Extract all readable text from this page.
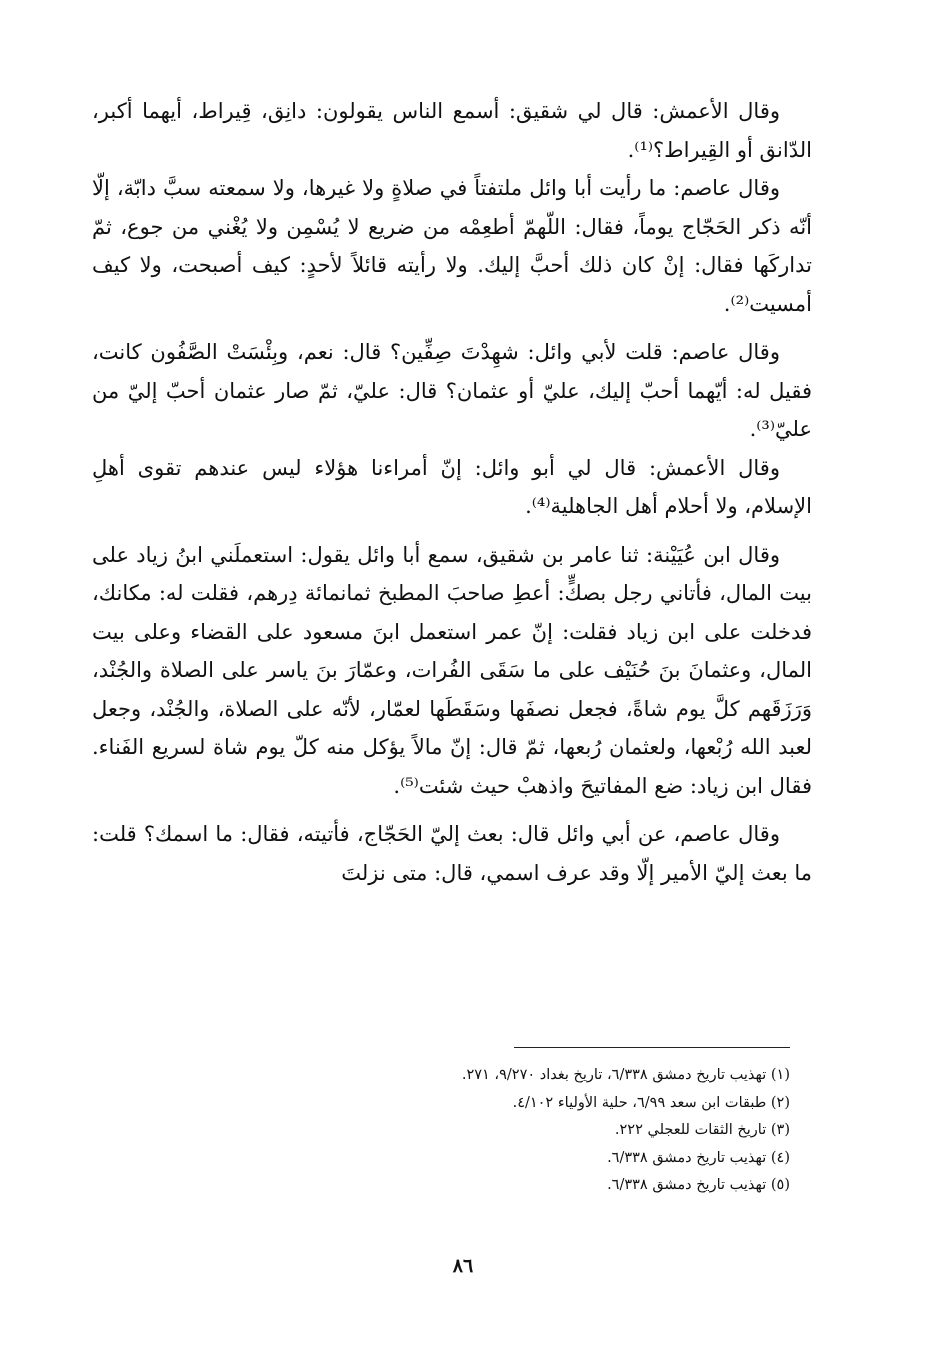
وقال الأعمش: قال لي شقيق: أسمع الناس يقولون: دانِق، قِيراط، أيهما أكبر، الدّانق أو القِيراط؟⁽¹⁾.

وقال عاصم: ما رأيت أبا وائل ملتفتاً في صلاةٍ ولا غيرها، ولا سمعته سبَّ دابّة، إلّا أنّه ذكر الحَجّاج يوماً، فقال: اللّهمّ أطعِمْه من ضريع لا يُسْمِن ولا يُغْني من جوع، ثمّ تداركَها فقال: إنْ كان ذلك أحبَّ إليك. ولا رأيته قائلاً لأحدٍ: كيف أصبحت، ولا كيف أمسيت⁽²⁾.

وقال عاصم: قلت لأبي وائل: شهِدْتَ صِفِّين؟ قال: نعم، وبِئْسَتْ الصَّفُون كانت، فقيل له: أيّهما أحبّ إليك، عليّ أو عثمان؟ قال: عليّ، ثمّ صار عثمان أحبّ إليّ من عليّ⁽³⁾.

وقال الأعمش: قال لي أبو وائل: إنّ أمراءنا هؤلاء ليس عندهم تقوى أهلِ الإسلام، ولا أحلام أهل الجاهلية⁽⁴⁾.

وقال ابن عُيَيْنة: ثنا عامر بن شقيق، سمع أبا وائل يقول: استعملَني ابنُ زياد على بيت المال، فأتاني رجل بصكٍّ: أعطِ صاحبَ المطبخ ثمانمائة دِرهم، فقلت له: مكانك، فدخلت على ابن زياد فقلت: إنّ عمر استعمل ابنَ مسعود على القضاء وعلى بيت المال، وعثمانَ بنَ حُنَيْف على ما سَقَى الفُرات، وعمّارَ بنَ ياسر على الصلاة والجُنْد، وَرَزَقَهم كلَّ يوم شاةً، فجعل نصفَها وسَقَطَها لعمّار، لأنّه على الصلاة، والجُنْد، وجعل لعبد الله رُبْعها، ولعثمان رُبعها، ثمّ قال: إنّ مالاً يؤكل منه كلّ يوم شاة لسريع الفَناء. فقال ابن زياد: ضع المفاتيحَ واذهبْ حيث شئت⁽⁵⁾.

وقال عاصم، عن أبي وائل قال: بعث إليّ الحَجّاج، فأتيته، فقال: ما اسمك؟ قلت: ما بعث إليّ الأمير إلّا وقد عرف اسمي، قال: متى نزلتَ

(١) تهذيب تاريخ دمشق ٦/٣٣٨، تاريخ بغداد ٩/٢٧٠، ٢٧١.

(٢) طبقات ابن سعد ٦/٩٩، حلية الأولياء ٤/١٠٢.

(٣) تاريخ الثقات للعجلي ٢٢٢.

(٤) تهذيب تاريخ دمشق ٦/٣٣٨.

(٥) تهذيب تاريخ دمشق ٦/٣٣٨.

٨٦
